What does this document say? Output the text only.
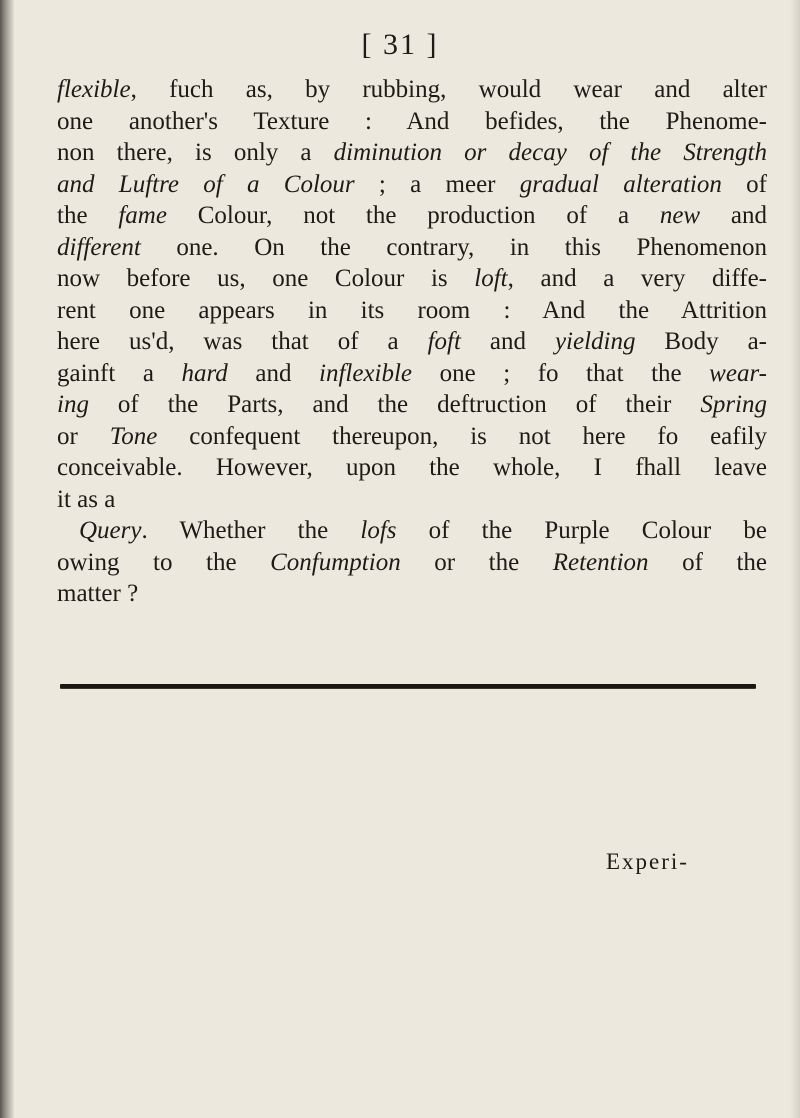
[ 31 ]
flexible, fuch as, by rubbing, would wear and alter
one another's Texture : And befides, the Phenome-
non there, is only a diminution or decay of the Strength
and Luftre of a Colour ; a meer gradual alteration of
the fame Colour, not the production of a new and
different one. On the contrary, in this Phenomenon
now before us, one Colour is loft, and a very diffe-
rent one appears in its room : And the Attrition
here us'd, was that of a foft and yielding Body a-
gainft a hard and inflexible one ; fo that the wear-
ing of the Parts, and the deftruction of their Spring
or Tone confequent thereupon, is not here fo eafily
conceivable. However, upon the whole, I fhall leave
it as a
Query. Whether the lofs of the Purple Colour be
owing to the Confumption or the Retention of the
matter ?
Experi-
